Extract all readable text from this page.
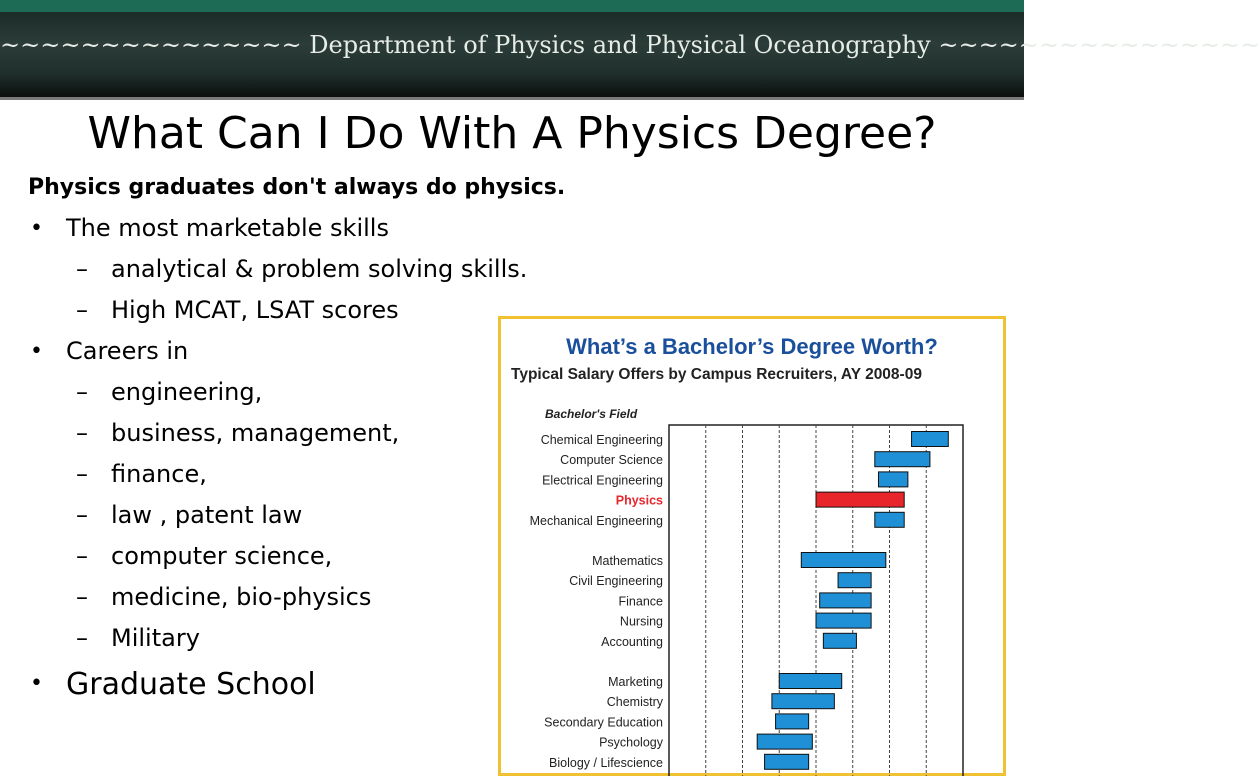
~~~~~~~~~~~~~~~ Department of Physics and Physical Oceanography ~~~~~~~~~~~~~~~~
What Can I Do With A Physics Degree?
Physics graduates don't always do physics.
• The most marketable skills
– analytical & problem solving skills.
– High MCAT, LSAT scores
• Careers in
– engineering,
– business, management,
– finance,
– law , patent law
– computer science,
– medicine, bio-physics
– Military
• Graduate School
What’s a Bachelor’s Degree Worth?
Typical Salary Offers by Campus Recruiters, AY 2008-09
Bachelor's Field
Chemical Engineering
Computer Science
Electrical Engineering
Physics
Mechanical Engineering
Mathematics
Civil Engineering
Finance
Nursing
Accounting
Marketing
Chemistry
Secondary Education
Psychology
Biology / Lifescience
